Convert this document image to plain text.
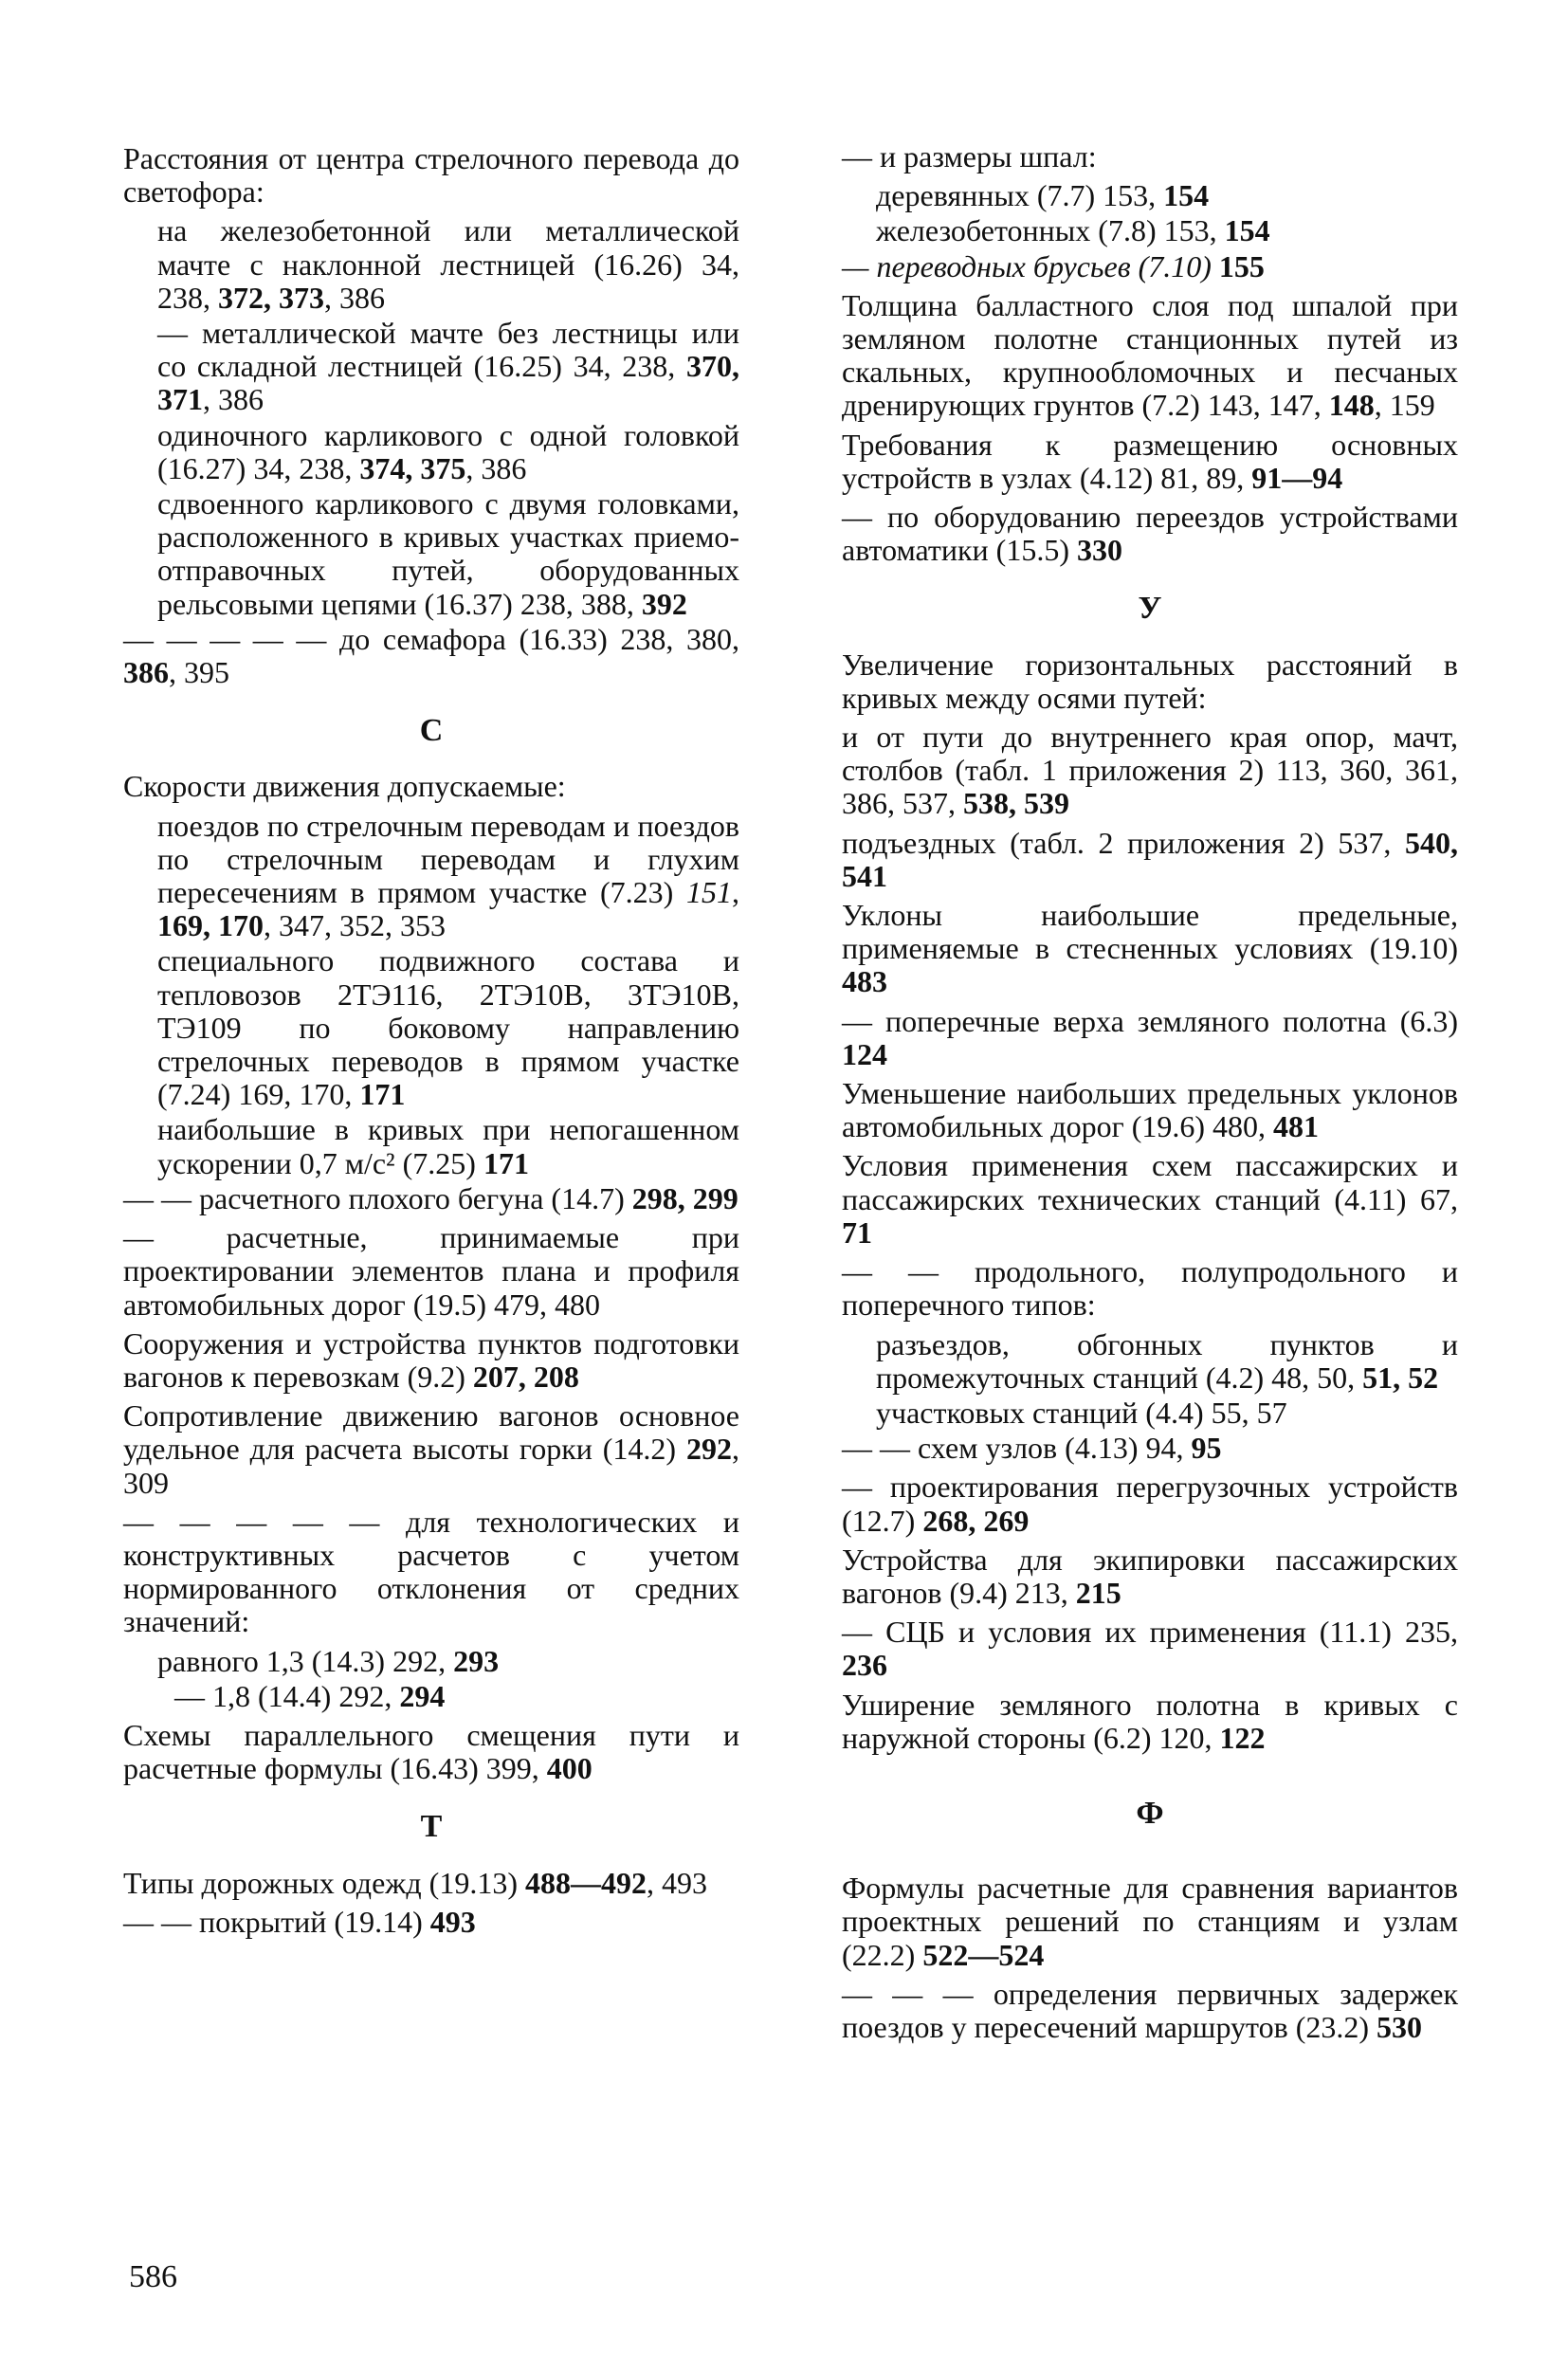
Расстояния от центра стрелочного перевода до светофора:

на железобетонной или металлической мачте с наклонной лестницей (16.26) 34, 238, 372, 373, 386

— металлической мачте без лестницы или со складной лестницей (16.25) 34, 238, 370, 371, 386

одиночного карликового с одной головкой (16.27) 34, 238, 374, 375, 386

сдвоенного карликового с двумя головками, расположенного в кривых участках приемо-отправочных путей, оборудованных рельсовыми цепями (16.37) 238, 388, 392

— — — — — до семафора (16.33) 238, 380, 386, 395

С

Скорости движения допускаемые:

поездов по стрелочным переводам и поездов по стрелочным переводам и глухим пересечениям в прямом участке (7.23) 151, 169, 170, 347, 352, 353

специального подвижного состава и тепловозов 2ТЭ116, 2ТЭ10В, 3ТЭ10В, ТЭ109 по боковому направлению стрелочных переводов в прямом участке (7.24) 169, 170, 171

наибольшие в кривых при непогашенном ускорении 0,7 м/с² (7.25) 171

— — расчетного плохого бегуна (14.7) 298, 299

— расчетные, принимаемые при проектировании элементов плана и профиля автомобильных дорог (19.5) 479, 480

Сооружения и устройства пунктов подготовки вагонов к перевозкам (9.2) 207, 208

Сопротивление движению вагонов основное удельное для расчета высоты горки (14.2) 292, 309

— — — — — для технологических и конструктивных расчетов с учетом нормированного отклонения от средних значений:

равного 1,3 (14.3) 292, 293

— 1,8 (14.4) 292, 294

Схемы параллельного смещения пути и расчетные формулы (16.43) 399, 400

Т

Типы дорожных одежд (19.13) 488—492, 493

— — покрытий (19.14) 493

— и размеры шпал:

деревянных (7.7) 153, 154

железобетонных (7.8) 153, 154

— переводных брусьев (7.10) 155

Толщина балластного слоя под шпалой при земляном полотне станционных путей из скальных, крупнообломочных и песчаных дренирующих грунтов (7.2) 143, 147, 148, 159

Требования к размещению основных устройств в узлах (4.12) 81, 89, 91—94

— по оборудованию переездов устройствами автоматики (15.5) 330

У

Увеличение горизонтальных расстояний в кривых между осями путей:

и от пути до внутреннего края опор, мачт, столбов (табл. 1 приложения 2) 113, 360, 361, 386, 537, 538, 539

подъездных (табл. 2 приложения 2) 537, 540, 541

Уклоны наибольшие предельные, применяемые в стесненных условиях (19.10) 483

— поперечные верха земляного полотна (6.3) 124

Уменьшение наибольших предельных уклонов автомобильных дорог (19.6) 480, 481

Условия применения схем пассажирских и пассажирских технических станций (4.11) 67, 71

— — продольного, полупродольного и поперечного типов:

разъездов, обгонных пунктов и промежуточных станций (4.2) 48, 50, 51, 52

участковых станций (4.4) 55, 57

— — схем узлов (4.13) 94, 95

— проектирования перегрузочных устройств (12.7) 268, 269

Устройства для экипировки пассажирских вагонов (9.4) 213, 215

— СЦБ и условия их применения (11.1) 235, 236

Уширение земляного полотна в кривых с наружной стороны (6.2) 120, 122

Ф

Формулы расчетные для сравнения вариантов проектных решений по станциям и узлам (22.2) 522—524

— — — определения первичных задержек поездов у пересечений маршрутов (23.2) 530

586
